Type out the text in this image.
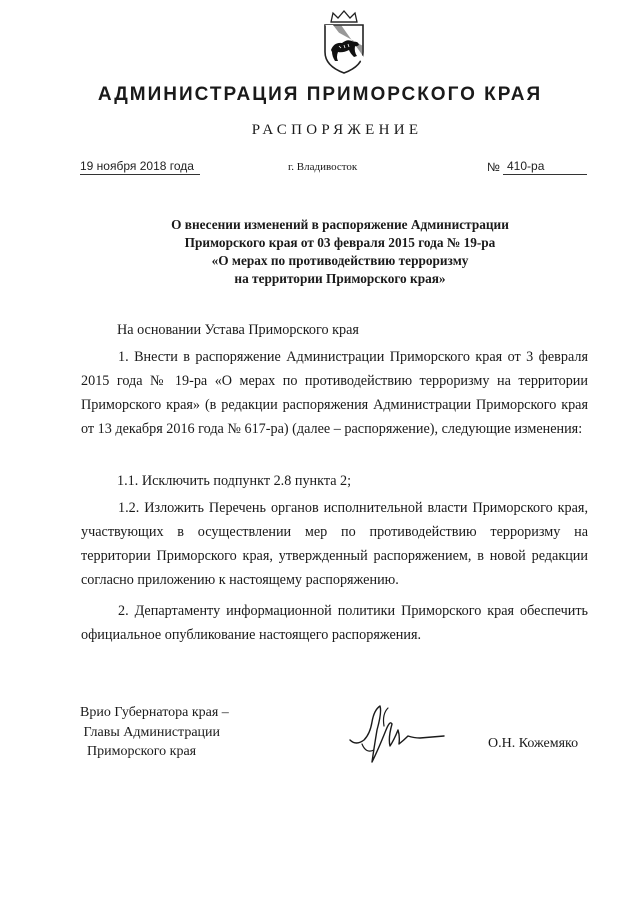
АДМИНИСТРАЦИЯ ПРИМОРСКОГО КРАЯ
РАСПОРЯЖЕНИЕ
19 ноября 2018 года	г. Владивосток	№ 410-ра
О внесении изменений в распоряжение Администрации
Приморского края от 03 февраля 2015 года № 19-ра
«О мерах по противодействию терроризму
на территории Приморского края»
На основании Устава Приморского края
1. Внести в распоряжение Администрации Приморского края от 3 февраля 2015 года № 19-ра «О мерах по противодействию терроризму на территории Приморского края» (в редакции распоряжения Администрации Приморского края от 13 декабря 2016 года № 617-ра) (далее – распоряжение), следующие изменения:
1.1. Исключить подпункт 2.8 пункта 2;
1.2. Изложить Перечень органов исполнительной власти Приморского края, участвующих в осуществлении мер по противодействию терроризму на территории Приморского края, утвержденный распоряжением, в новой редакции согласно приложению к настоящему распоряжению.
2. Департаменту информационной политики Приморского края обеспечить официальное опубликование настоящего распоряжения.
Врио Губернатора края –
Главы Администрации
Приморского края
О.Н. Кожемяко
